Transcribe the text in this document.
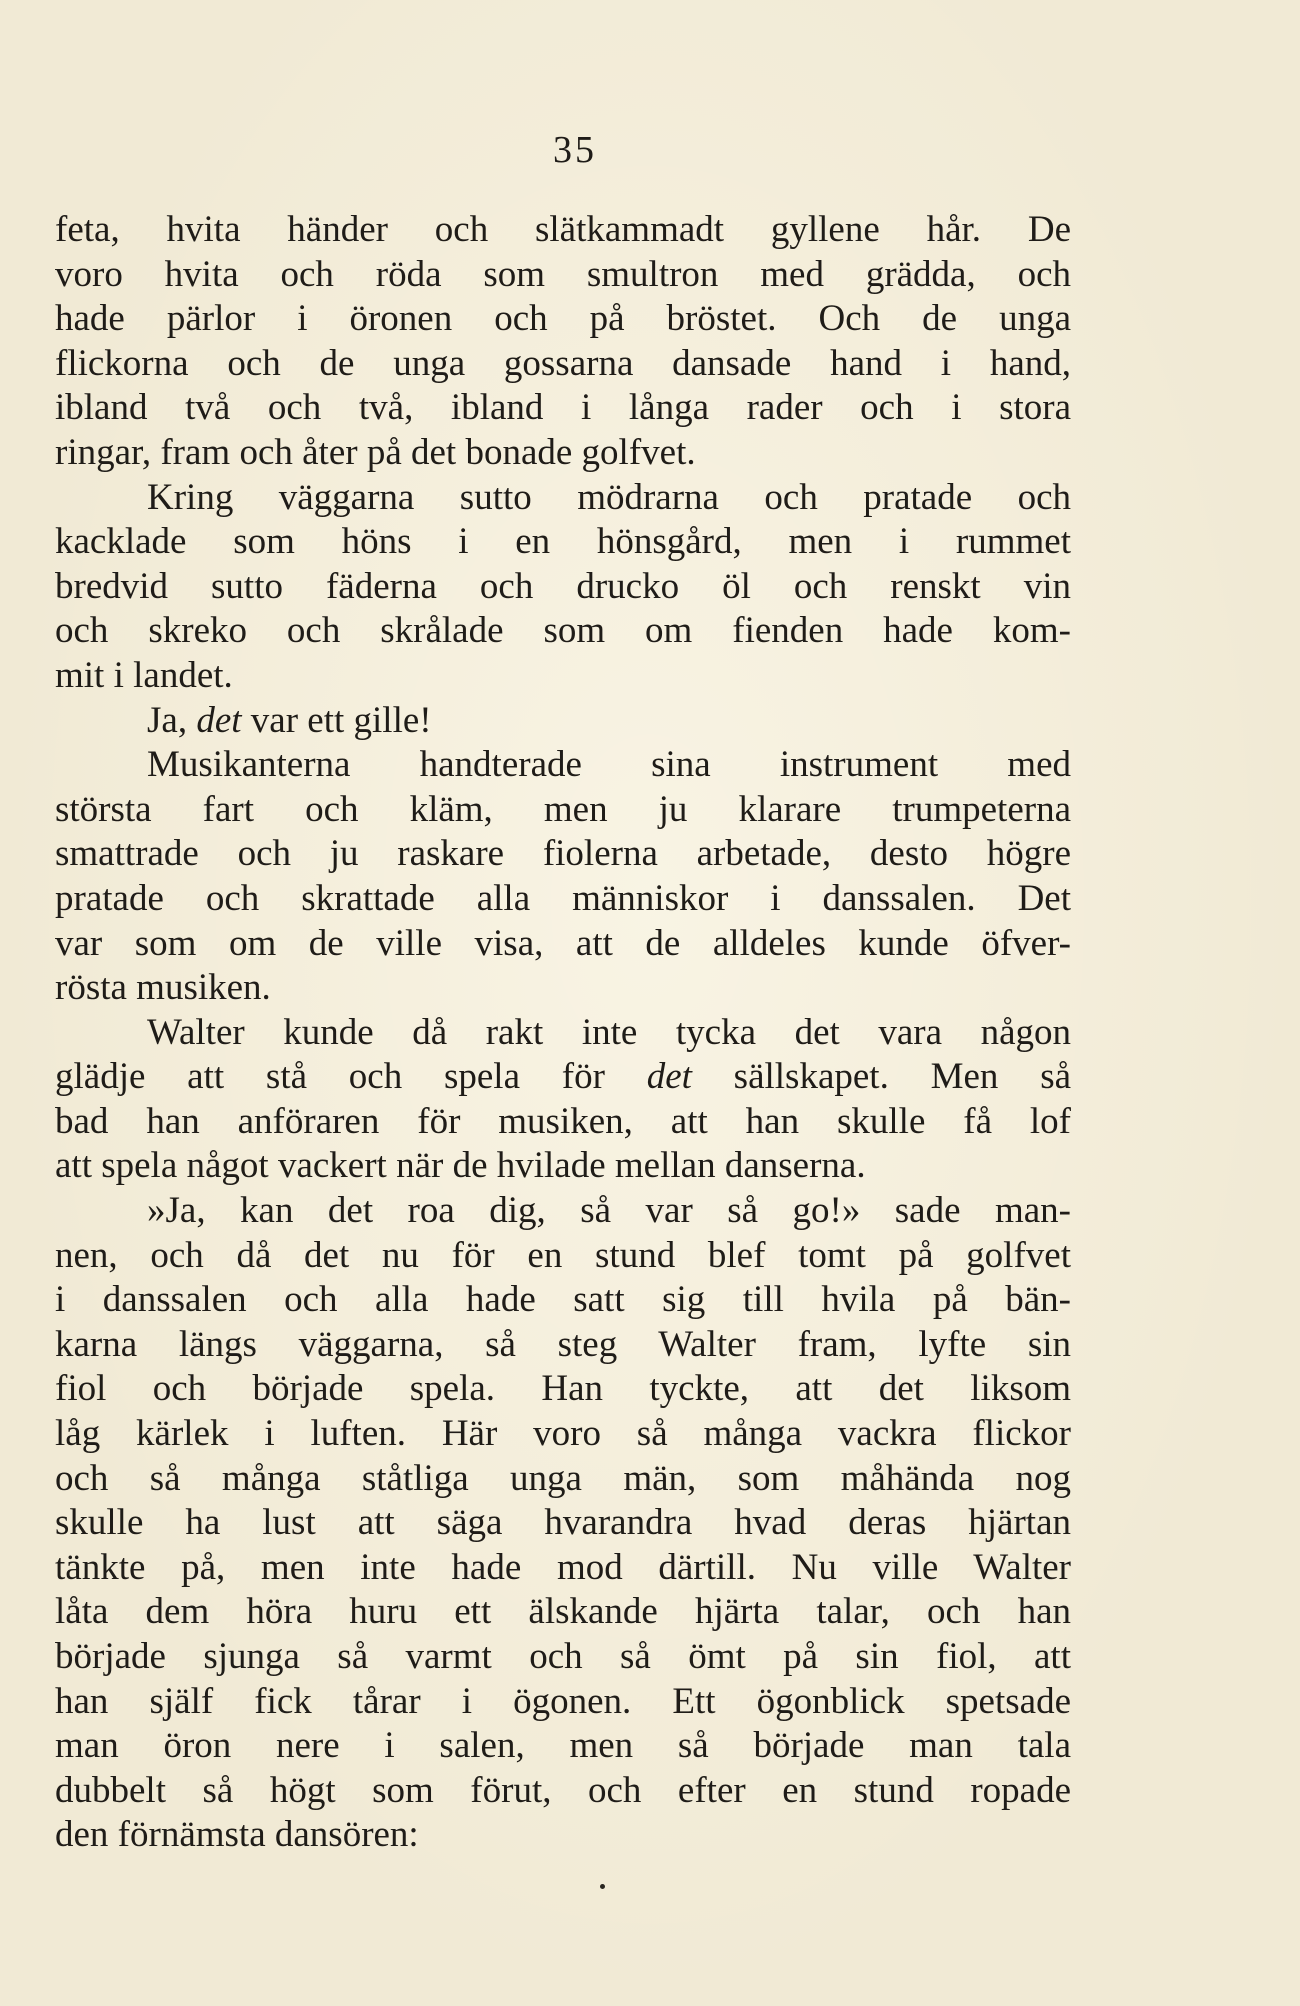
35
feta, hvita händer och slätkammadt gyllene hår. De
voro hvita och röda som smultron med grädda, och
hade pärlor i öronen och på bröstet. Och de unga
flickorna och de unga gossarna dansade hand i hand,
ibland två och två, ibland i långa rader och i stora
ringar, fram och åter på det bonade golfvet.
Kring väggarna sutto mödrarna och pratade och
kacklade som höns i en hönsgård, men i rummet
bredvid sutto fäderna och drucko öl och renskt vin
och skreko och skrålade som om fienden hade kom-
mit i landet.
Ja, det var ett gille!
Musikanterna handterade sina instrument med
största fart och kläm, men ju klarare trumpeterna
smattrade och ju raskare fiolerna arbetade, desto högre
pratade och skrattade alla människor i danssalen. Det
var som om de ville visa, att de alldeles kunde öfver-
rösta musiken.
Walter kunde då rakt inte tycka det vara någon
glädje att stå och spela för det sällskapet. Men så
bad han anföraren för musiken, att han skulle få lof
att spela något vackert när de hvilade mellan danserna.
»Ja, kan det roa dig, så var så go!» sade man-
nen, och då det nu för en stund blef tomt på golfvet
i danssalen och alla hade satt sig till hvila på bän-
karna längs väggarna, så steg Walter fram, lyfte sin
fiol och började spela. Han tyckte, att det liksom
låg kärlek i luften. Här voro så många vackra flickor
och så många ståtliga unga män, som måhända nog
skulle ha lust att säga hvarandra hvad deras hjärtan
tänkte på, men inte hade mod därtill. Nu ville Walter
låta dem höra huru ett älskande hjärta talar, och han
började sjunga så varmt och så ömt på sin fiol, att
han själf fick tårar i ögonen. Ett ögonblick spetsade
man öron nere i salen, men så började man tala
dubbelt så högt som förut, och efter en stund ropade
den förnämsta dansören:
